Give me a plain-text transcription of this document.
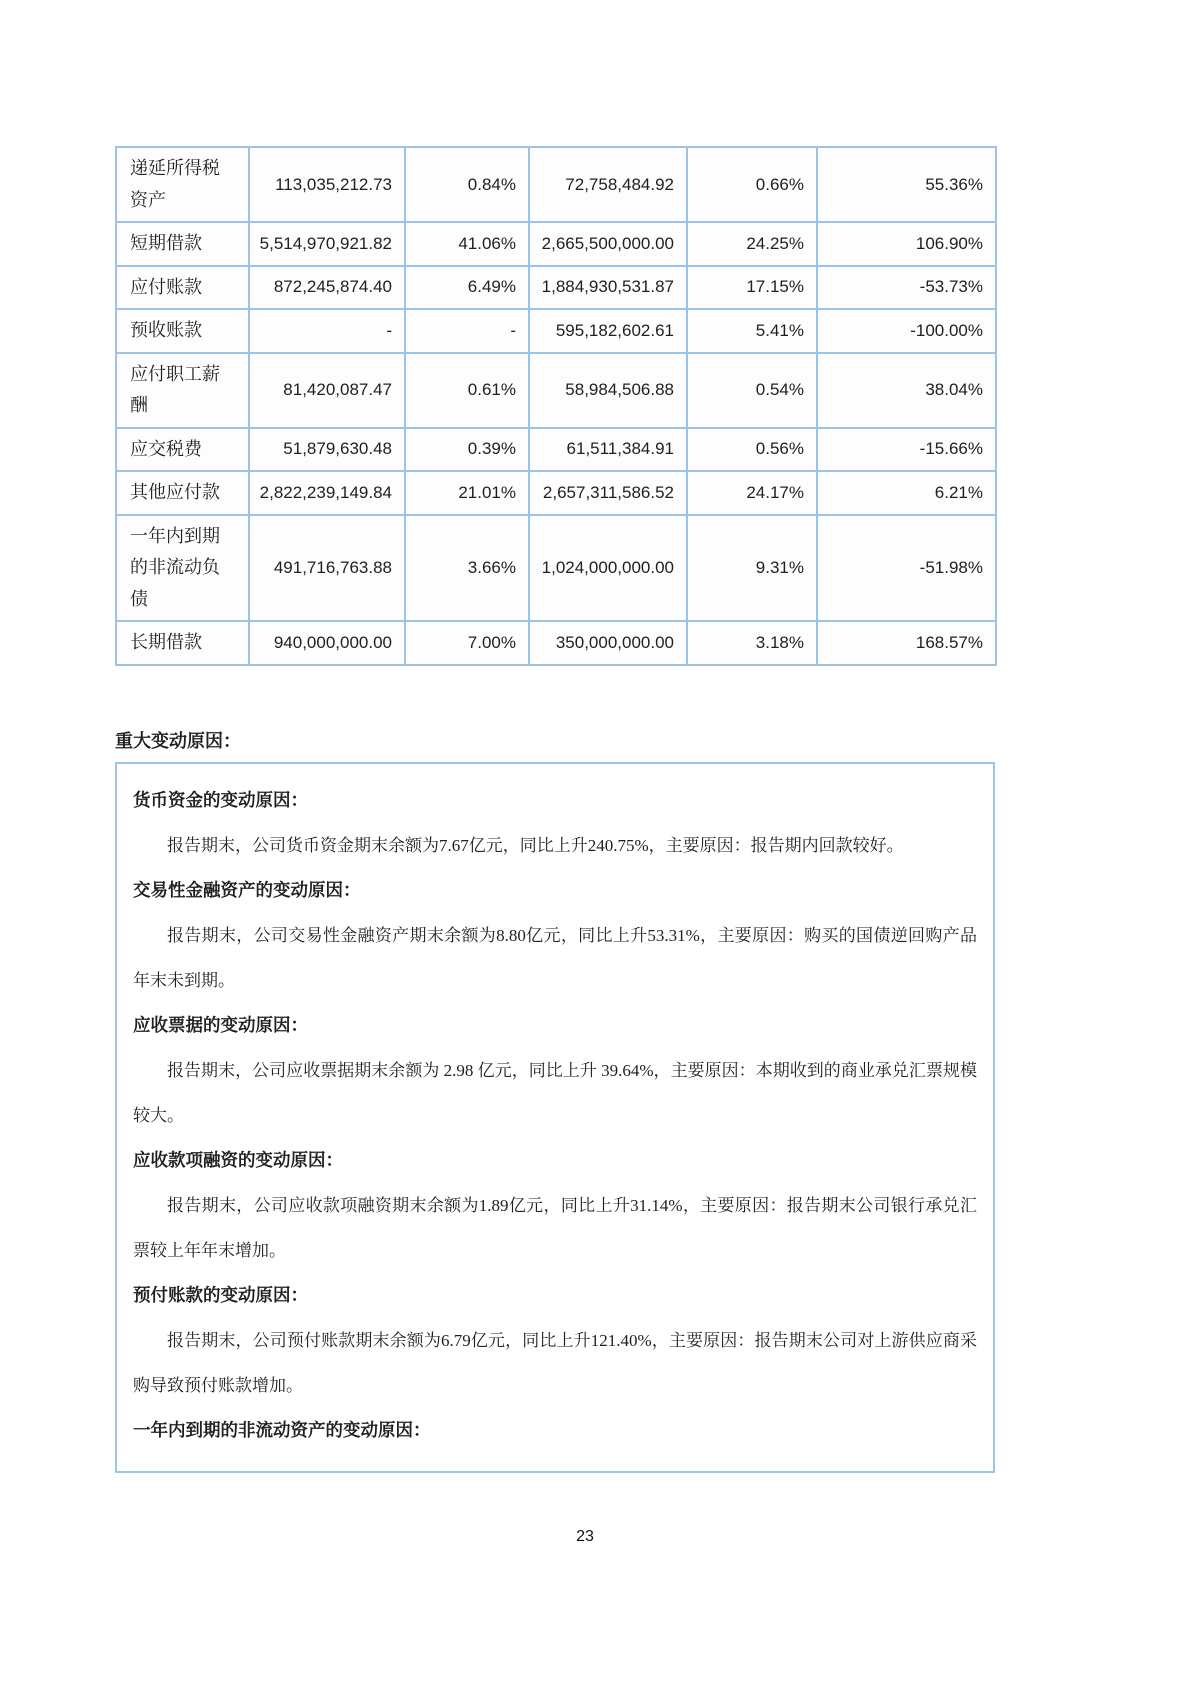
递延所得税资产	113,035,212.73	0.84%	72,758,484.92	0.66%	55.36%
短期借款	5,514,970,921.82	41.06%	2,665,500,000.00	24.25%	106.90%
应付账款	872,245,874.40	6.49%	1,884,930,531.87	17.15%	-53.73%
预收账款	-	-	595,182,602.61	5.41%	-100.00%
应付职工薪酬	81,420,087.47	0.61%	58,984,506.88	0.54%	38.04%
应交税费	51,879,630.48	0.39%	61,511,384.91	0.56%	-15.66%
其他应付款	2,822,239,149.84	21.01%	2,657,311,586.52	24.17%	6.21%
一年内到期的非流动负债	491,716,763.88	3.66%	1,024,000,000.00	9.31%	-51.98%
长期借款	940,000,000.00	7.00%	350,000,000.00	3.18%	168.57%
重大变动原因：

货币资金的变动原因：

报告期末，公司货币资金期末余额为7.67亿元，同比上升240.75%，主要原因：报告期内回款较好。

交易性金融资产的变动原因：

报告期末，公司交易性金融资产期末余额为8.80亿元，同比上升53.31%，主要原因：购买的国债逆回购产品年末未到期。

应收票据的变动原因：

报告期末，公司应收票据期末余额为 2.98 亿元，同比上升 39.64%，主要原因：本期收到的商业承兑汇票规模较大。

应收款项融资的变动原因：

报告期末，公司应收款项融资期末余额为1.89亿元，同比上升31.14%，主要原因：报告期末公司银行承兑汇票较上年年末增加。

预付账款的变动原因：

报告期末，公司预付账款期末余额为6.79亿元，同比上升121.40%，主要原因：报告期末公司对上游供应商采购导致预付账款增加。

一年内到期的非流动资产的变动原因：

23
